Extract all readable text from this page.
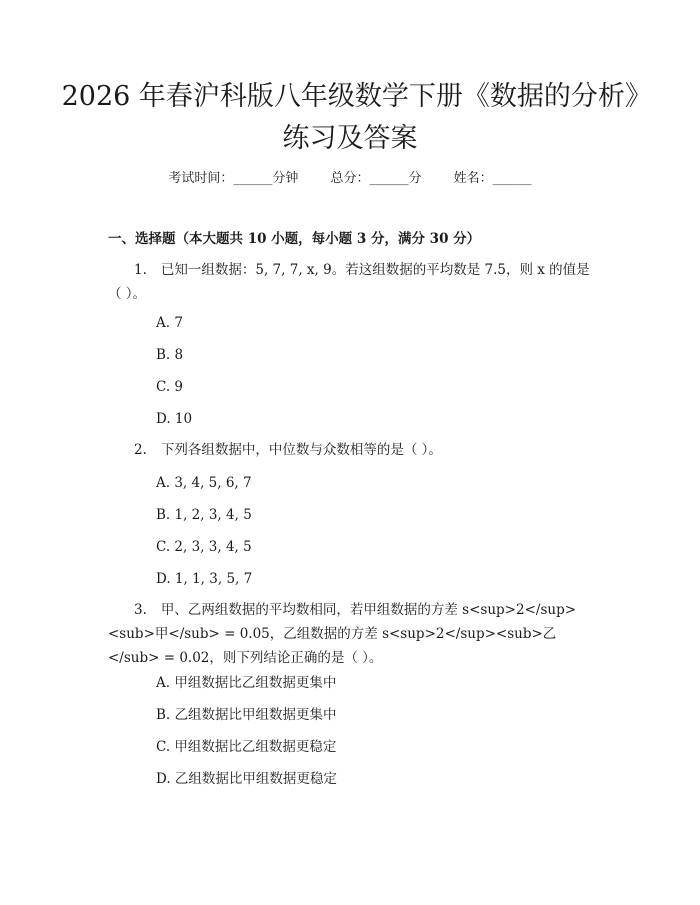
2026 年春沪科版八年级数学下册《数据的分析》练习及答案
考试时间：______分钟 总分：______分 姓名：______
一、选择题（本大题共 10 小题，每小题 3 分，满分 30 分）
1. 已知一组数据：5, 7, 7, x, 9。若这组数据的平均数是 7.5，则 x 的值是（ ）。
A. 7
B. 8
C. 9
D. 10
2. 下列各组数据中，中位数与众数相等的是（ ）。
A. 3, 4, 5, 6, 7
B. 1, 2, 3, 4, 5
C. 2, 3, 3, 4, 5
D. 1, 1, 3, 5, 7
3. 甲、乙两组数据的平均数相同，若甲组数据的方差 s<sup>2</sup><sub>甲</sub> = 0.05，乙组数据的方差 s<sup>2</sup><sub>乙</sub> = 0.02，则下列结论正确的是（ ）。
A. 甲组数据比乙组数据更集中
B. 乙组数据比甲组数据更集中
C. 甲组数据比乙组数据更稳定
D. 乙组数据比甲组数据更稳定
